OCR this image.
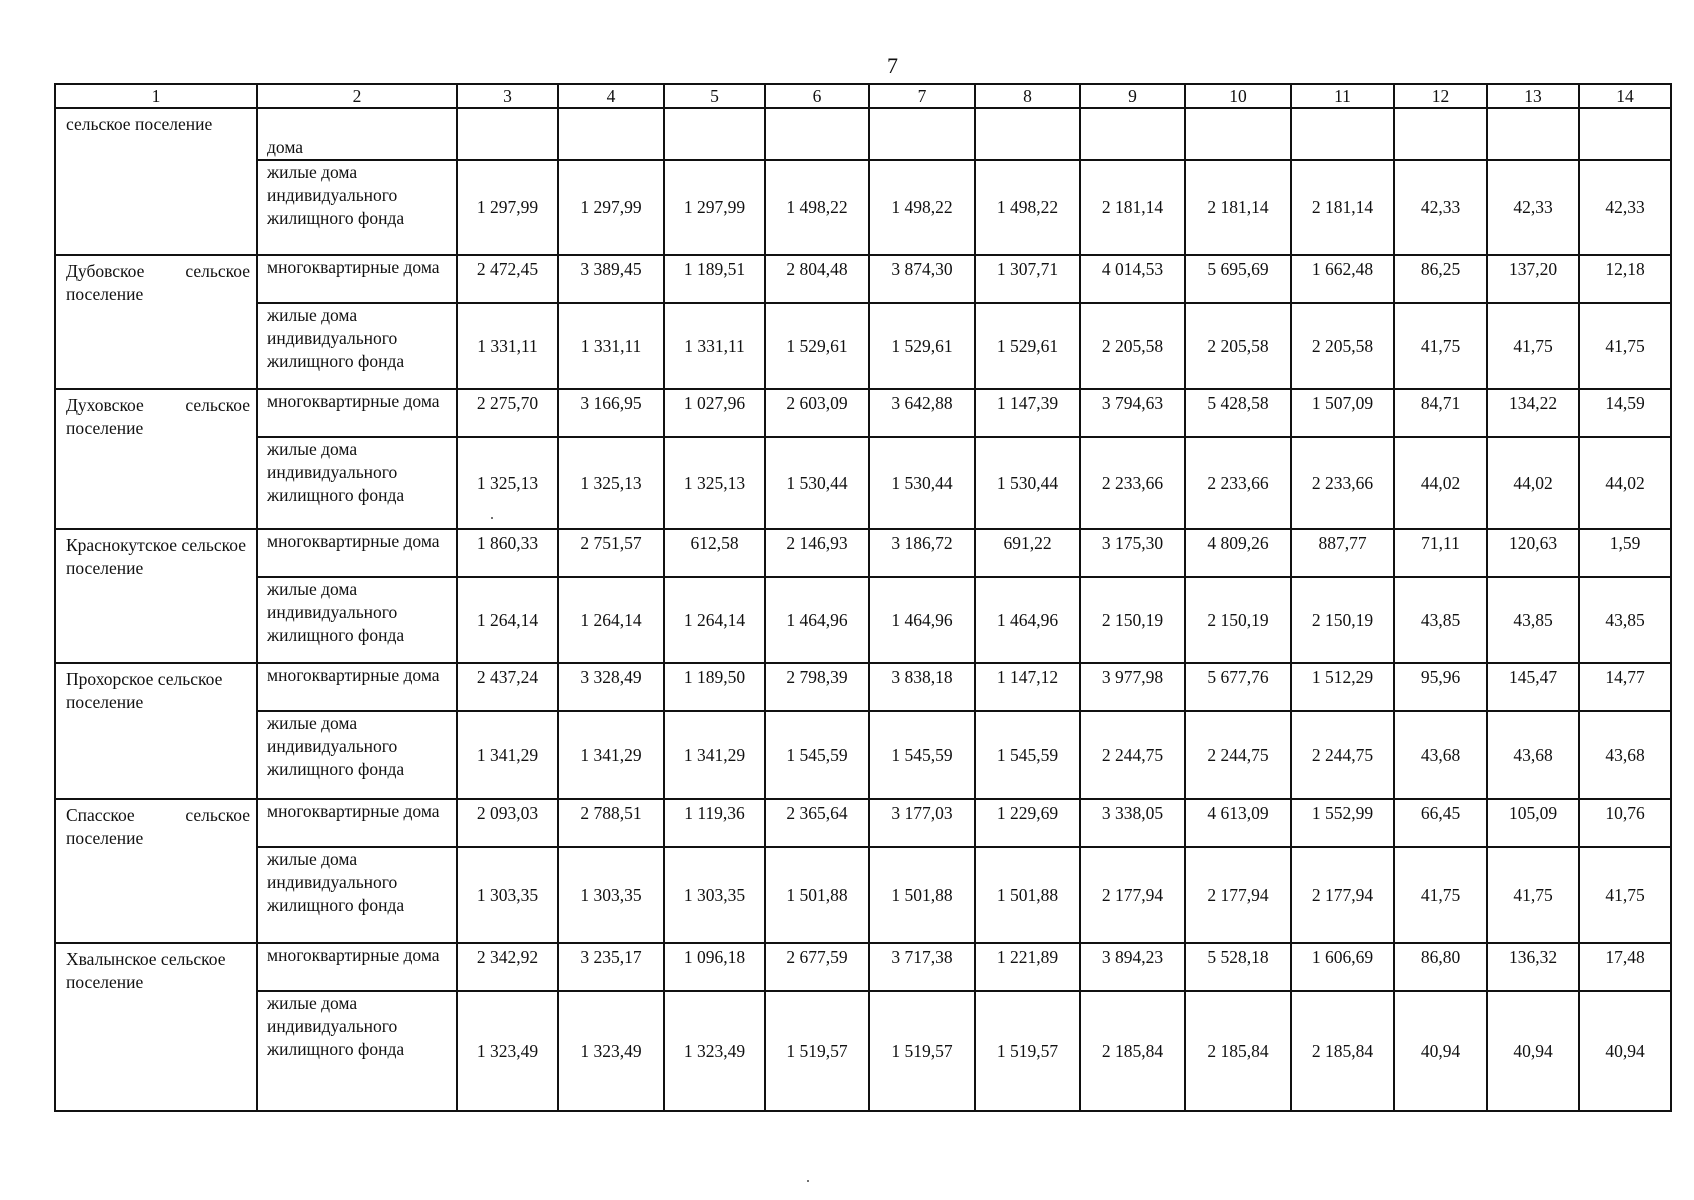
7
1	2	3	4	5	6	7	8	9	10	11	12	13	14
сельское поселение	дома												
	жилые дома индивидуального жилищного фонда	1 297,99	1 297,99	1 297,99	1 498,22	1 498,22	1 498,22	2 181,14	2 181,14	2 181,14	42,33	42,33	42,33
Дубовское сельское поселение	многоквартирные дома	2 472,45	3 389,45	1 189,51	2 804,48	3 874,30	1 307,71	4 014,53	5 695,69	1 662,48	86,25	137,20	12,18
	жилые дома индивидуального жилищного фонда	1 331,11	1 331,11	1 331,11	1 529,61	1 529,61	1 529,61	2 205,58	2 205,58	2 205,58	41,75	41,75	41,75
Духовское сельское поселение	многоквартирные дома	2 275,70	3 166,95	1 027,96	2 603,09	3 642,88	1 147,39	3 794,63	5 428,58	1 507,09	84,71	134,22	14,59
	жилые дома индивидуального жилищного фонда	1 325,13	1 325,13	1 325,13	1 530,44	1 530,44	1 530,44	2 233,66	2 233,66	2 233,66	44,02	44,02	44,02
Краснокутское сельское поселение	многоквартирные дома	1 860,33	2 751,57	612,58	2 146,93	3 186,72	691,22	3 175,30	4 809,26	887,77	71,11	120,63	1,59
	жилые дома индивидуального жилищного фонда	1 264,14	1 264,14	1 264,14	1 464,96	1 464,96	1 464,96	2 150,19	2 150,19	2 150,19	43,85	43,85	43,85
Прохорское сельское поселение	многоквартирные дома	2 437,24	3 328,49	1 189,50	2 798,39	3 838,18	1 147,12	3 977,98	5 677,76	1 512,29	95,96	145,47	14,77
	жилые дома индивидуального жилищного фонда	1 341,29	1 341,29	1 341,29	1 545,59	1 545,59	1 545,59	2 244,75	2 244,75	2 244,75	43,68	43,68	43,68
Спасское сельское поселение	многоквартирные дома	2 093,03	2 788,51	1 119,36	2 365,64	3 177,03	1 229,69	3 338,05	4 613,09	1 552,99	66,45	105,09	10,76
	жилые дома индивидуального жилищного фонда	1 303,35	1 303,35	1 303,35	1 501,88	1 501,88	1 501,88	2 177,94	2 177,94	2 177,94	41,75	41,75	41,75
Хвалынское сельское поселение	многоквартирные дома	2 342,92	3 235,17	1 096,18	2 677,59	3 717,38	1 221,89	3 894,23	5 528,18	1 606,69	86,80	136,32	17,48
	жилые дома индивидуального жилищного фонда	1 323,49	1 323,49	1 323,49	1 519,57	1 519,57	1 519,57	2 185,84	2 185,84	2 185,84	40,94	40,94	40,94
